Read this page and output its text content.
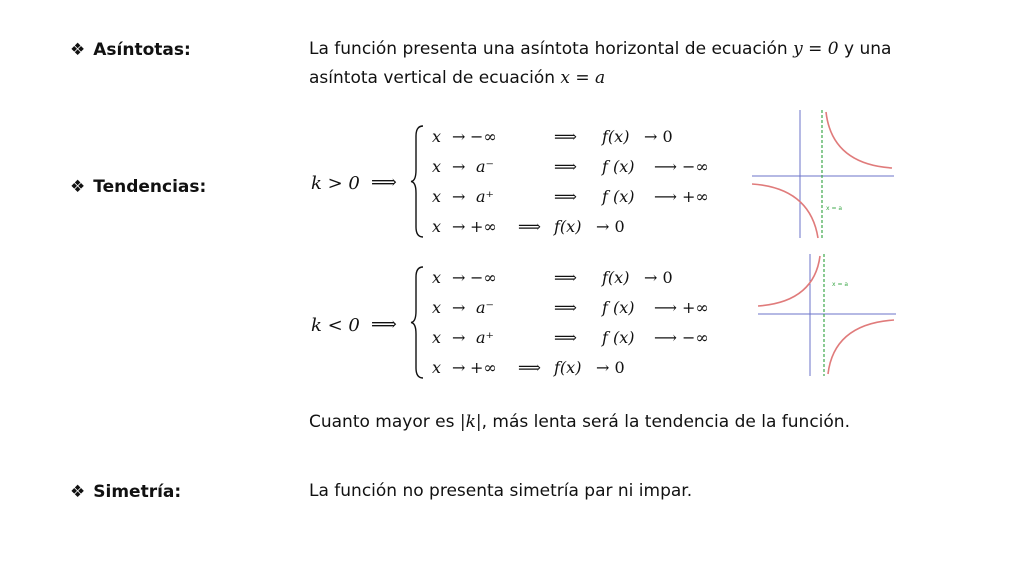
❖ Asíntotas:
❖ Tendencias:
❖ Simetría:
La función presenta una asíntota horizontal de ecuación y = 0 y una
asíntota vertical de ecuación x = a
k > 0 ⟹
x → −∞	⟹ f(x) → 0
x → a⁻	⟹ f (x) ⟶ −∞
x → a⁺	⟹ f (x) ⟶ +∞
x → +∞ ⟹ f(x) → 0
x = a
k < 0 ⟹
x → −∞	⟹ f(x) → 0
x → a⁻	⟹ f (x) ⟶ +∞
x → a⁺	⟹ f (x) ⟶ −∞
x → +∞ ⟹ f(x) → 0
x = a
Cuanto mayor es |k|, más lenta será la tendencia de la función.
La función no presenta simetría par ni impar.
